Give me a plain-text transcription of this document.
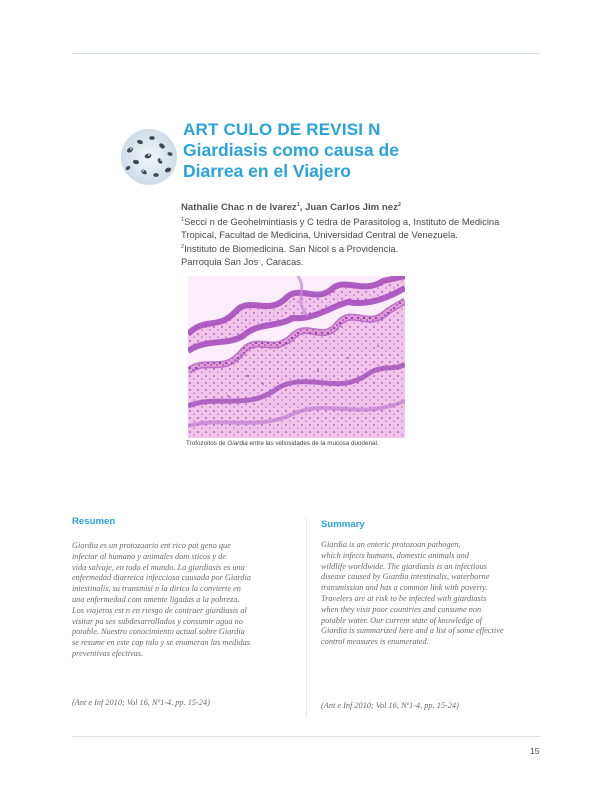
ART CULO DE REVISI N

Giardiasis como causa de

Diarrea en el Viajero

Nathalie Chac n de lvarez$^1$, Juan Carlos Jim nez$^2$

$^1$Secci n de Geohelmintiasis y C tedra de Parasitolog a, Instituto de Medicina

Tropical, Facultad de Medicina, Universidad Central de Venezuela.

$^2$Instituto de Biomedicina. San Nicol s a Providencia.

Parroquia San Jos , Caracas.

Trofozoitos de Giardia entre las vellosidades de la mucosa duodenal.
Resumen

Giardia es un protozoario ent rico pat geno que
infectar al humano y animales dom sticos y de
vida salvaje, en todo el mundo. La giardiasis es una
enfermedad diarreica infecciosa causada por Giardia
intestinalis, su transmisi n la dirica la convierte en
una enfermedad com nmente ligadas a la pobreza.
Los viajeros est n en riesgo de contraer giardiasis al
visitar pa ses subdesarrollados y consumir agua no
potable. Nuestro conocimiento actual sobre Giardia
se resume en este cap tulo y se enumeran las medidas
preventivas efectivas.

Summary

Giardia is an enteric protozoan pathogen,
which infects humans, domestic animals and
wildlife worldwide. The giardiasis is an infectious
disease caused by Giardia intestinalis, waterborne
transmission and has a common link with poverty.
Travelers are at risk to be infected with giardiasis
when they visit poor countries and consume non
potable water. Our current state of knowledge of
Giardia is summarized here and a list of some effective
control measures is enumerated.

(Ant e Inf 2010; Vol 16, Nº1-4, pp. 15-24)	(Ant e Inf 2010; Vol 16, Nº1-4, pp. 15-24)
15
